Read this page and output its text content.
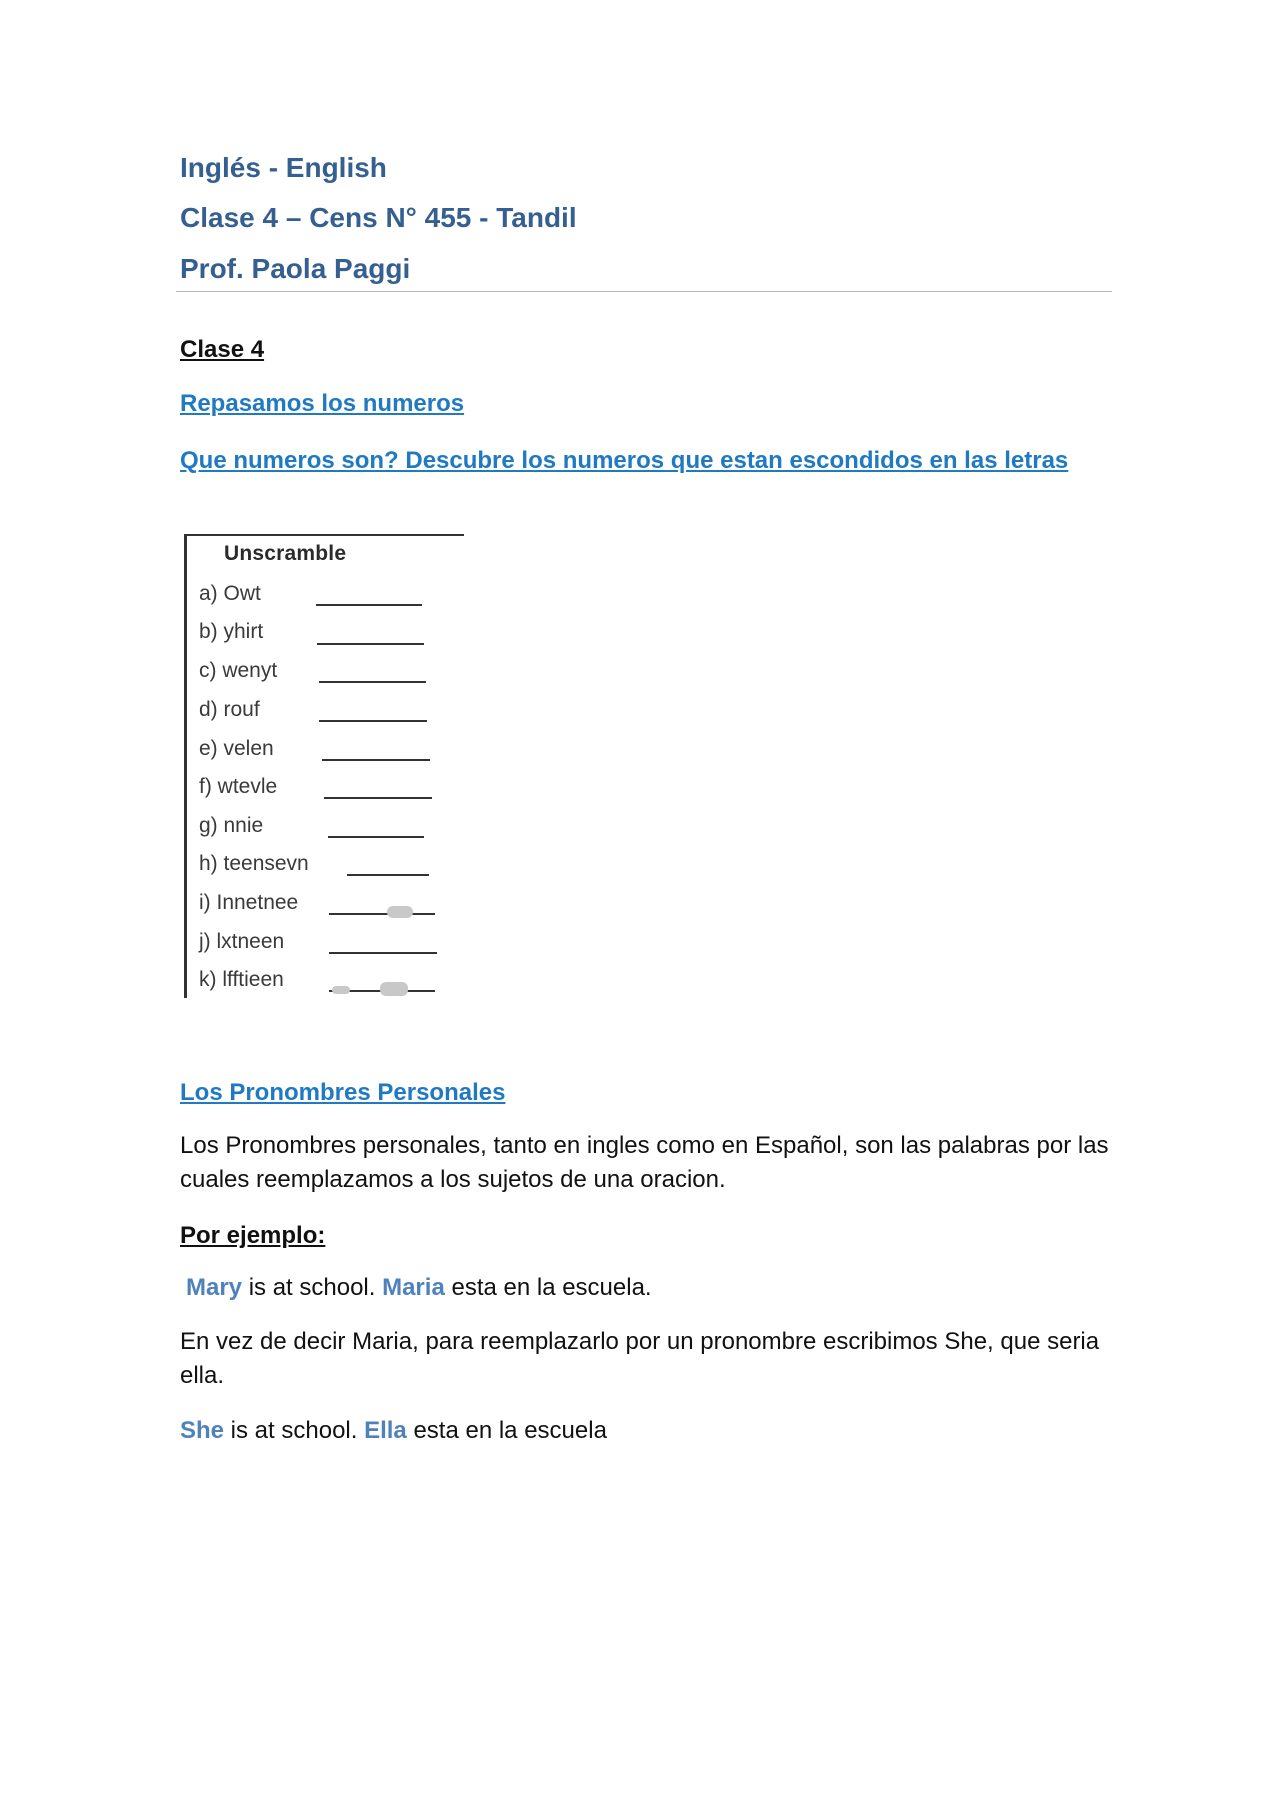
Inglés - English
Clase 4 – Cens N° 455 - Tandil
Prof. Paola Paggi
Clase 4
Repasamos los numeros
Que numeros son? Descubre los numeros que estan escondidos en las letras
Unscramble
a) Owt
b) yhirt
c) wenyt
d) rouf
e) velen
f) wtevle
g) nnie
h) teensevn
i) Innetnee
j) lxtneen
k) lfftieen
Los Pronombres Personales
Los Pronombres personales, tanto en ingles como en Español, son las palabras por las cuales reemplazamos a los sujetos de una oracion.
Por ejemplo:
Mary is at school. Maria esta en la escuela.
En vez de decir Maria, para reemplazarlo por un pronombre escribimos She, que seria ella.
She is at school. Ella esta en la escuela
